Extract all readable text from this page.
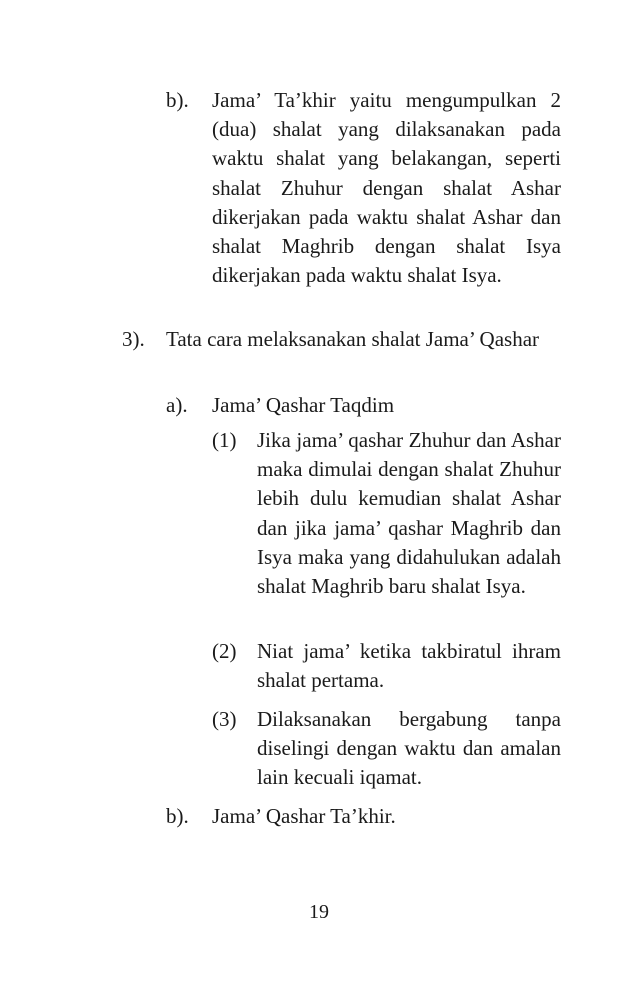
b). Jama’ Ta’khir yaitu mengumpulkan 2 (dua) shalat yang dilaksanakan pada waktu shalat yang belakangan, seperti shalat Zhuhur dengan shalat Ashar dikerjakan pada waktu shalat Ashar dan shalat Maghrib dengan shalat Isya dikerjakan pada waktu shalat Isya.
3). Tata cara melaksanakan shalat Jama’ Qashar
a). Jama’ Qashar Taqdim
(1) Jika jama’ qashar Zhuhur dan Ashar maka dimulai dengan shalat Zhuhur lebih dulu kemudian shalat Ashar dan jika jama’ qashar Maghrib dan Isya maka yang didahulukan adalah shalat Maghrib baru shalat Isya.
(2) Niat jama’ ketika takbiratul ihram shalat pertama.
(3) Dilaksanakan bergabung tanpa diselingi dengan waktu dan amalan lain kecuali iqamat.
b). Jama’ Qashar Ta’khir.
19
